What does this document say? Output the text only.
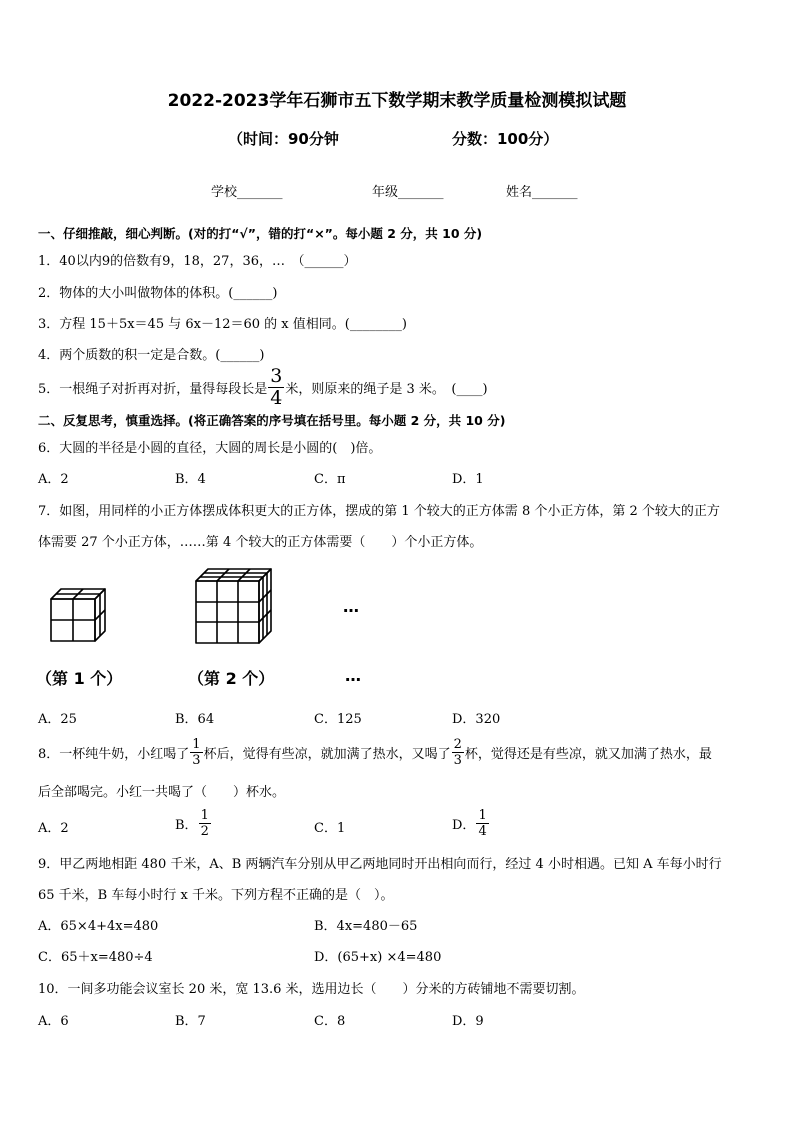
2022-2023学年石狮市五下数学期末教学质量检测模拟试题
（时间：90分钟	分数：100分）
学校_______	年级_______	姓名_______
一、仔细推敲，细心判断。(对的打“√”，错的打“×”。每小题 2 分，共 10 分)
1．40以内9的倍数有9，18，27，36，…　（______）
2．物体的大小叫做物体的体积。(______)
3．方程 15＋5x＝45 与 6x－12＝60 的 x 值相同。(________)
4．两个质数的积一定是合数。(______)
5．一根绳子对折再对折，量得每段长是 $\frac{3}{4}$ 米，则原来的绳子是 3 米。　(____)
二、反复思考，慎重选择。(将正确答案的序号填在括号里。每小题 2 分，共 10 分)
6．大圆的半径是小圆的直径，大圆的周长是小圆的(　)倍。
A．2	B．4	C．π	D．1
7．如图，用同样的小正方体摆成体积更大的正方体，摆成的第 1 个较大的正方体需 8 个小正方体，第 2 个较大的正方
体需要 27 个小正方体，……第 4 个较大的正方体需要（　　）个小正方体。
…
（第 1 个）	（第 2 个）	…
A．25	B．64	C．125	D．320
8．一杯纯牛奶，小红喝了 $\frac{1}{3}$ 杯后，觉得有些凉，就加满了热水，又喝了 $\frac{2}{3}$ 杯，觉得还是有些凉，就又加满了热水，最
后全部喝完。小红一共喝了（　　）杯水。
A．2	B． $\frac{1}{2}$	C．1	D． $\frac{1}{4}$
9．甲乙两地相距 480 千米，A、B 两辆汽车分别从甲乙两地同时开出相向而行，经过 4 小时相遇。已知 A 车每小时行
65 千米，B 车每小时行 x 千米。下列方程不正确的是（　）。
A．65×4+4x=480	B．4x=480－65
C．65＋x=480÷4	D．(65+x) ×4=480
10．一间多功能会议室长 20 米，宽 13.6 米，选用边长（　　）分米的方砖铺地不需要切割。
A．6	B．7	C．8	D．9
